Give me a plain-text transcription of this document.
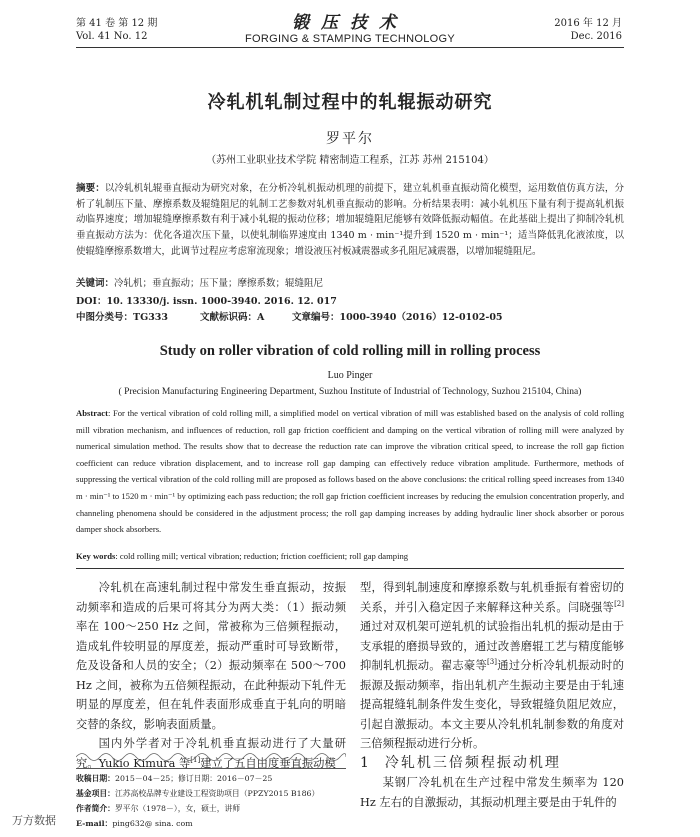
第 41 卷 第 12 期
Vol. 41 No. 12
锻压技术
FORGING & STAMPING TECHNOLOGY
2016 年 12 月
Dec. 2016
冷轧机轧制过程中的轧辊振动研究
罗平尔
（苏州工业职业技术学院 精密制造工程系，江苏 苏州 215104）
摘要：以冷轧机轧辊垂直振动为研究对象，在分析冷轧机振动机理的前提下，建立轧机垂直振动简化模型，运用数值仿真方法，分析了轧制压下量、摩擦系数及辊缝阻尼的轧制工艺参数对轧机垂直振动的影响。分析结果表明：减小轧机压下量有利于提高轧机振动临界速度；增加辊缝摩擦系数有利于减小轧辊的振动位移；增加辊缝阻尼能够有效降低振动幅值。在此基础上提出了抑制冷轧机垂直振动方法为：优化各道次压下量，以使轧制临界速度由 1340 m · min⁻¹提升到 1520 m · min⁻¹；适当降低乳化液浓度，以使辊缝摩擦系数增大，此调节过程应考虑窜流现象；增设液压衬板减震器或多孔阻尼减震器，以增加辊缝阻尼。
关键词：冷轧机；垂直振动；压下量；摩擦系数；辊缝阻尼
DOI：10. 13330/j. issn. 1000-3940. 2016. 12. 017
中图分类号：TG333	文献标识码：A	文章编号：1000-3940（2016）12-0102-05
Study on roller vibration of cold rolling mill in rolling process
Luo Pinger
( Precision Manufacturing Engineering Department, Suzhou Institute of Industrial of Technology, Suzhou 215104, China)
Abstract: For the vertical vibration of cold rolling mill, a simplified model on vertical vibration of mill was established based on the analysis of cold rolling mill vibration mechanism, and influences of reduction, roll gap friction coefficient and damping on the vertical vibration of rolling mill were analyzed by numerical simulation method. The results show that to decrease the reduction rate can improve the vibration critical speed, to increase the roll gap fiction coefficient can reduce vibration displacement, and to increase roll gap damping can effectively reduce vibration amplitude. Furthermore, methods of suppressing the vertical vibration of the cold rolling mill are proposed as follows based on the above conclusions: the critical rolling speed increases from 1340 m · min⁻¹ to 1520 m · min⁻¹ by optimizing each pass reduction; the roll gap friction coefficient increases by reducing the emulsion concentration properly, and channeling phenomena should be considered in the adjustment process; the roll gap damping increases by adding hydraulic liner shock absorber or porous damper shock absorbers.
Key words: cold rolling mill; vertical vibration; reduction; friction coefficient; roll gap damping

冷轧机在高速轧制过程中常发生垂直振动，按振动频率和造成的后果可将其分为两大类：（1）振动频率在 100～250 Hz 之间，常被称为三倍频程振动，造成轧件较明显的厚度差，振动严重时可导致断带，危及设备和人员的安全；（2）振动频率在 500～700 Hz 之间，被称为五倍频程振动，在此种振动下轧件无明显的厚度差，但在轧件表面形成垂直于轧向的明暗交替的条纹，影响表面质量。

国内外学者对于冷轧机垂直振动进行了大量研究。Yukio Kimura 等[1]建立了五自由度垂直振动模

收稿日期：2015－04－25；修订日期：2016－07－25
基金项目：江苏高校品牌专业建设工程资助项目（PPZY2015 B186）
作者简介：罗平尔（1978－），女，硕士，讲师
E-mail：ping632@ sina. com

型，得到轧制速度和摩擦系数与轧机垂振有着密切的关系，并引入稳定因子来解释这种关系。闫晓强等[2]通过对双机架可逆轧机的试验指出轧机的振动是由于支承辊的磨损导致的，通过改善磨辊工艺与精度能够抑制轧机振动。翟志豪等[3]通过分析冷轧机振动时的振源及振动频率，指出轧机产生振动主要是由于轧速提高辊缝轧制条件发生变化，导致辊缝负阻尼效应，引起自激振动。本文主要从冷轧机轧制参数的角度对三倍频程振动进行分析。

1 冷轧机三倍频程振动机理

某钢厂冷轧机在生产过程中常发生频率为 120 Hz 左右的自激振动，其振动机理主要是由于轧件的

万方数据
